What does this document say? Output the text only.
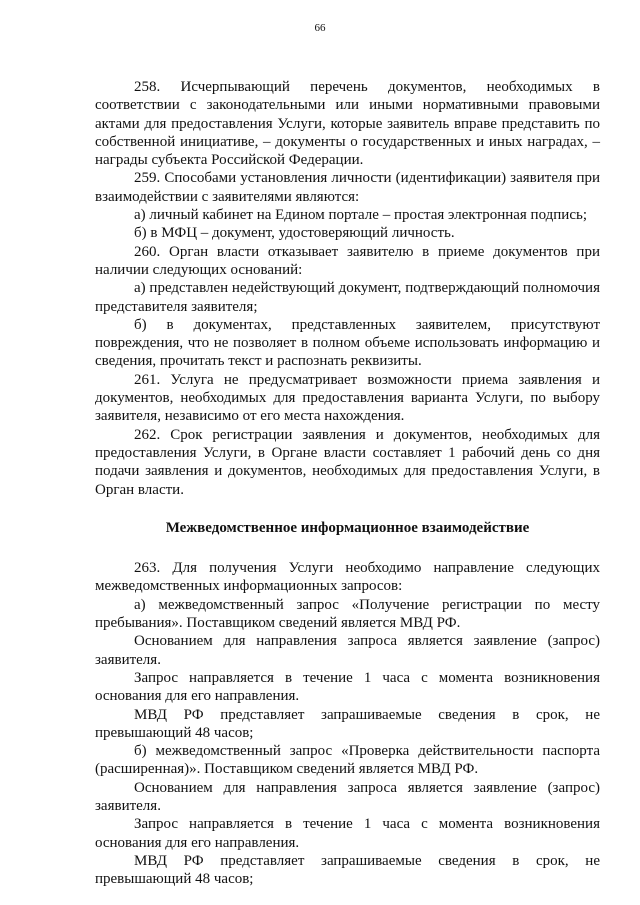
66

258. Исчерпывающий перечень документов, необходимых в соответствии с законодательными или иными нормативными правовыми актами для предоставления Услуги, которые заявитель вправе представить по собственной инициативе, – документы о государственных и иных наградах, – награды субъекта Российской Федерации.

259. Способами установления личности (идентификации) заявителя при взаимодействии с заявителями являются:

а) личный кабинет на Едином портале – простая электронная подпись;

б) в МФЦ – документ, удостоверяющий личность.

260. Орган власти отказывает заявителю в приеме документов при наличии следующих оснований:

а) представлен недействующий документ, подтверждающий полномочия представителя заявителя;

б) в документах, представленных заявителем, присутствуют повреждения, что не позволяет в полном объеме использовать информацию и сведения, прочитать текст и распознать реквизиты.

261. Услуга не предусматривает возможности приема заявления и документов, необходимых для предоставления варианта Услуги, по выбору заявителя, независимо от его места нахождения.

262. Срок регистрации заявления и документов, необходимых для предоставления Услуги, в Органе власти составляет 1 рабочий день со дня подачи заявления и документов, необходимых для предоставления Услуги, в Орган власти.

Межведомственное информационное взаимодействие

263. Для получения Услуги необходимо направление следующих межведомственных информационных запросов:

а) межведомственный запрос «Получение регистрации по месту пребывания». Поставщиком сведений является МВД РФ.

Основанием для направления запроса является заявление (запрос) заявителя.

Запрос направляется в течение 1 часа с момента возникновения основания для его направления.

МВД РФ представляет запрашиваемые сведения в срок, не превышающий 48 часов;

б) межведомственный запрос «Проверка действительности паспорта (расширенная)». Поставщиком сведений является МВД РФ.

Основанием для направления запроса является заявление (запрос) заявителя.

Запрос направляется в течение 1 часа с момента возникновения основания для его направления.

МВД РФ представляет запрашиваемые сведения в срок, не превышающий 48 часов;
